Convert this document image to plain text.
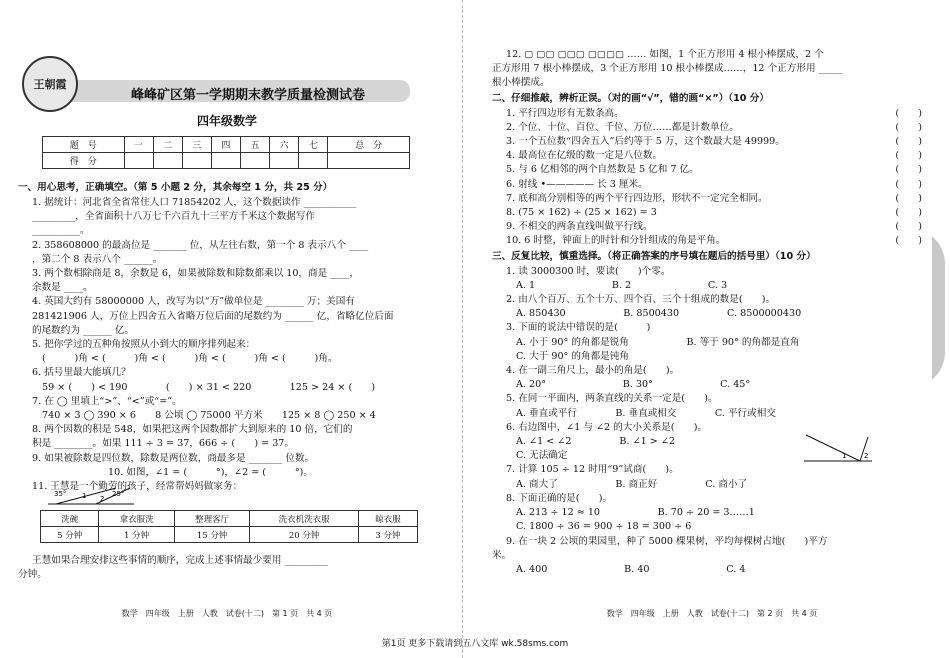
王朝霞
峰峰矿区第一学期期末教学质量检测试卷
四年级数学
题　号	一	二	三	四	五	六	七	总　分
得　分								
一、用心思考，正确填空。（第 5 小题 2 分，其余每空 1 分，共 25 分）
1. 据统计：河北省全省常住人口 71854202 人，这个数据读作 ___________
_________，全省面积十八万七千六百九十三平方千米这个数据写作
__________。
2. 358608000 的最高位是 _______ 位，从左往右数，第一个 8 表示八个 ____
，第二个 8 表示八个 ______。
3. 两个数相除商是 8，余数是 6，如果被除数和除数都乘以 10，商是 ____，
余数是 ____。
4. 英国大约有 58000000 人，改写为以“万”做单位是 ________ 万；美国有
281421906 人，万位上四舍五入省略万位后面的尾数约为 ______ 亿，省略亿位后面
的尾数约为 ______ 亿。
5. 把你学过的五种角按照从小到大的顺序排列起来：
(　　　)角 < (　　　)角 < (　　　)角 < (　　　)角 < (　　　)角。
6. 括号里最大能填几？
59 × (　　) < 190　　　　(　　) × 31 < 220　　　　125 > 24 × (　　)
7. 在 ◯ 里填上“>”、“<”或“=”。
740 × 3 ◯ 390 × 6　　8 公顷 ◯ 75000 平方米　　125 × 8 ◯ 250 × 4
8. 两个因数的积是 548，如果把这两个因数都扩大到原来的 10 倍，它们的
积是 ________。如果 111 ÷ 3 = 37，666 ÷ (　　) = 37。
9. 如果被除数是四位数，除数是两位数，商最多是 _______ 位数。
10. 如图，∠1 = (　　　°)，∠2 = (　　　°)。
11. 王慧是一个勤劳的孩子，经常帮妈妈做家务：
35° 1 2
25°
洗碗	拿衣服洗	整理客厅	洗衣机洗衣服	晾衣服
5 分钟	1 分钟	15 分钟	20 分钟	3 分钟
王慧如果合理安排这些事情的顺序，完成上述事情最少要用 _________
分钟。
数学　四年级　上册　人教　试卷(十二)　第 1 页　共 4 页
12. ▢ ▢▢ ▢▢▢ ▢▢▢▢ …… 如图，1 个正方形用 4 根小棒摆成，2 个
正方形用 7 根小棒摆成，3 个正方形用 10 根小棒摆成……，12 个正方形用 _____
根小棒摆成。
二、仔细推敲，辨析正误。（对的画“√”，错的画“×”）（10 分）
1. 平行四边形有无数条高。	(　　)
2. 个位、十位、百位、千位、万位……都是计数单位。	(　　)
3. 一个五位数“四舍五入”后约等于 5 万，这个数最大是 49999。	(　　)
4. 最高位在亿级的数一定是八位数。	(　　)
5. 与 6 亿相邻的两个自然数是 5 亿和 7 亿。	(　　)
6. 射线 •————— 长 3 厘米。	(　　)
7. 底和高分别相等的两个平行四边形，形状不一定完全相同。	(　　)
8. (75 × 162) ÷ (25 × 162) = 3	(　　)
9. 不相交的两条直线叫做平行线。	(　　)
10. 6 时整，钟面上的时针和分针组成的角是平角。	(　　)
三、反复比较，慎重选择。（将正确答案的序号填在题后的括号里）（10 分）
1. 读 3000300 时，要读(　　)个零。
A. 1　　　　　　　　B. 2　　　　　　　　C. 3
2. 由八个百万、五个十万、四个百、三个十组成的数是(　　)。
A. 850430　　　　　　B. 8500430　　　　　C. 8500000430
3. 下面的说法中错误的是(　　　)
A. 小于 90° 的角都是锐角　　　　　　B. 等于 90° 的角都是直角
C. 大于 90° 的角都是钝角
4. 在一副三角尺上，最小的角是(　　)。
A. 20°　　　　　　　　B. 30°　　　　　　　C. 45°
5. 在同一平面内，两条直线的关系一定是(　　)。
A. 垂直或平行　　　　B. 垂直或相交　　　　C. 平行或相交
6. 右边图中，∠1 与 ∠2 的大小关系是(　　)。
A. ∠1 < ∠2　　　　　B. ∠1 > ∠2
C. 无法确定
7. 计算 105 ÷ 12 时用“9”试商(　　)。
A. 商大了　　　　　　B. 商正好　　　　　C. 商小了
8. 下面正确的是(　　)。
A. 213 ÷ 12 ≈ 10　　　　　　B. 70 ÷ 20 = 3……1
C. 1800 ÷ 36 = 900 ÷ 18 = 300 ÷ 6
9. 在一块 2 公顷的果园里，种了 5000 棵果树，平均每棵树占地(　　)平方
米。
A. 400　　　　　　　　B. 40　　　　　　　　C. 4
1	2
数学　四年级　上册　人教　试卷(十二)　第 2 页　共 4 页
第1页 更多下载请到五八文库 wk.58sms.com
